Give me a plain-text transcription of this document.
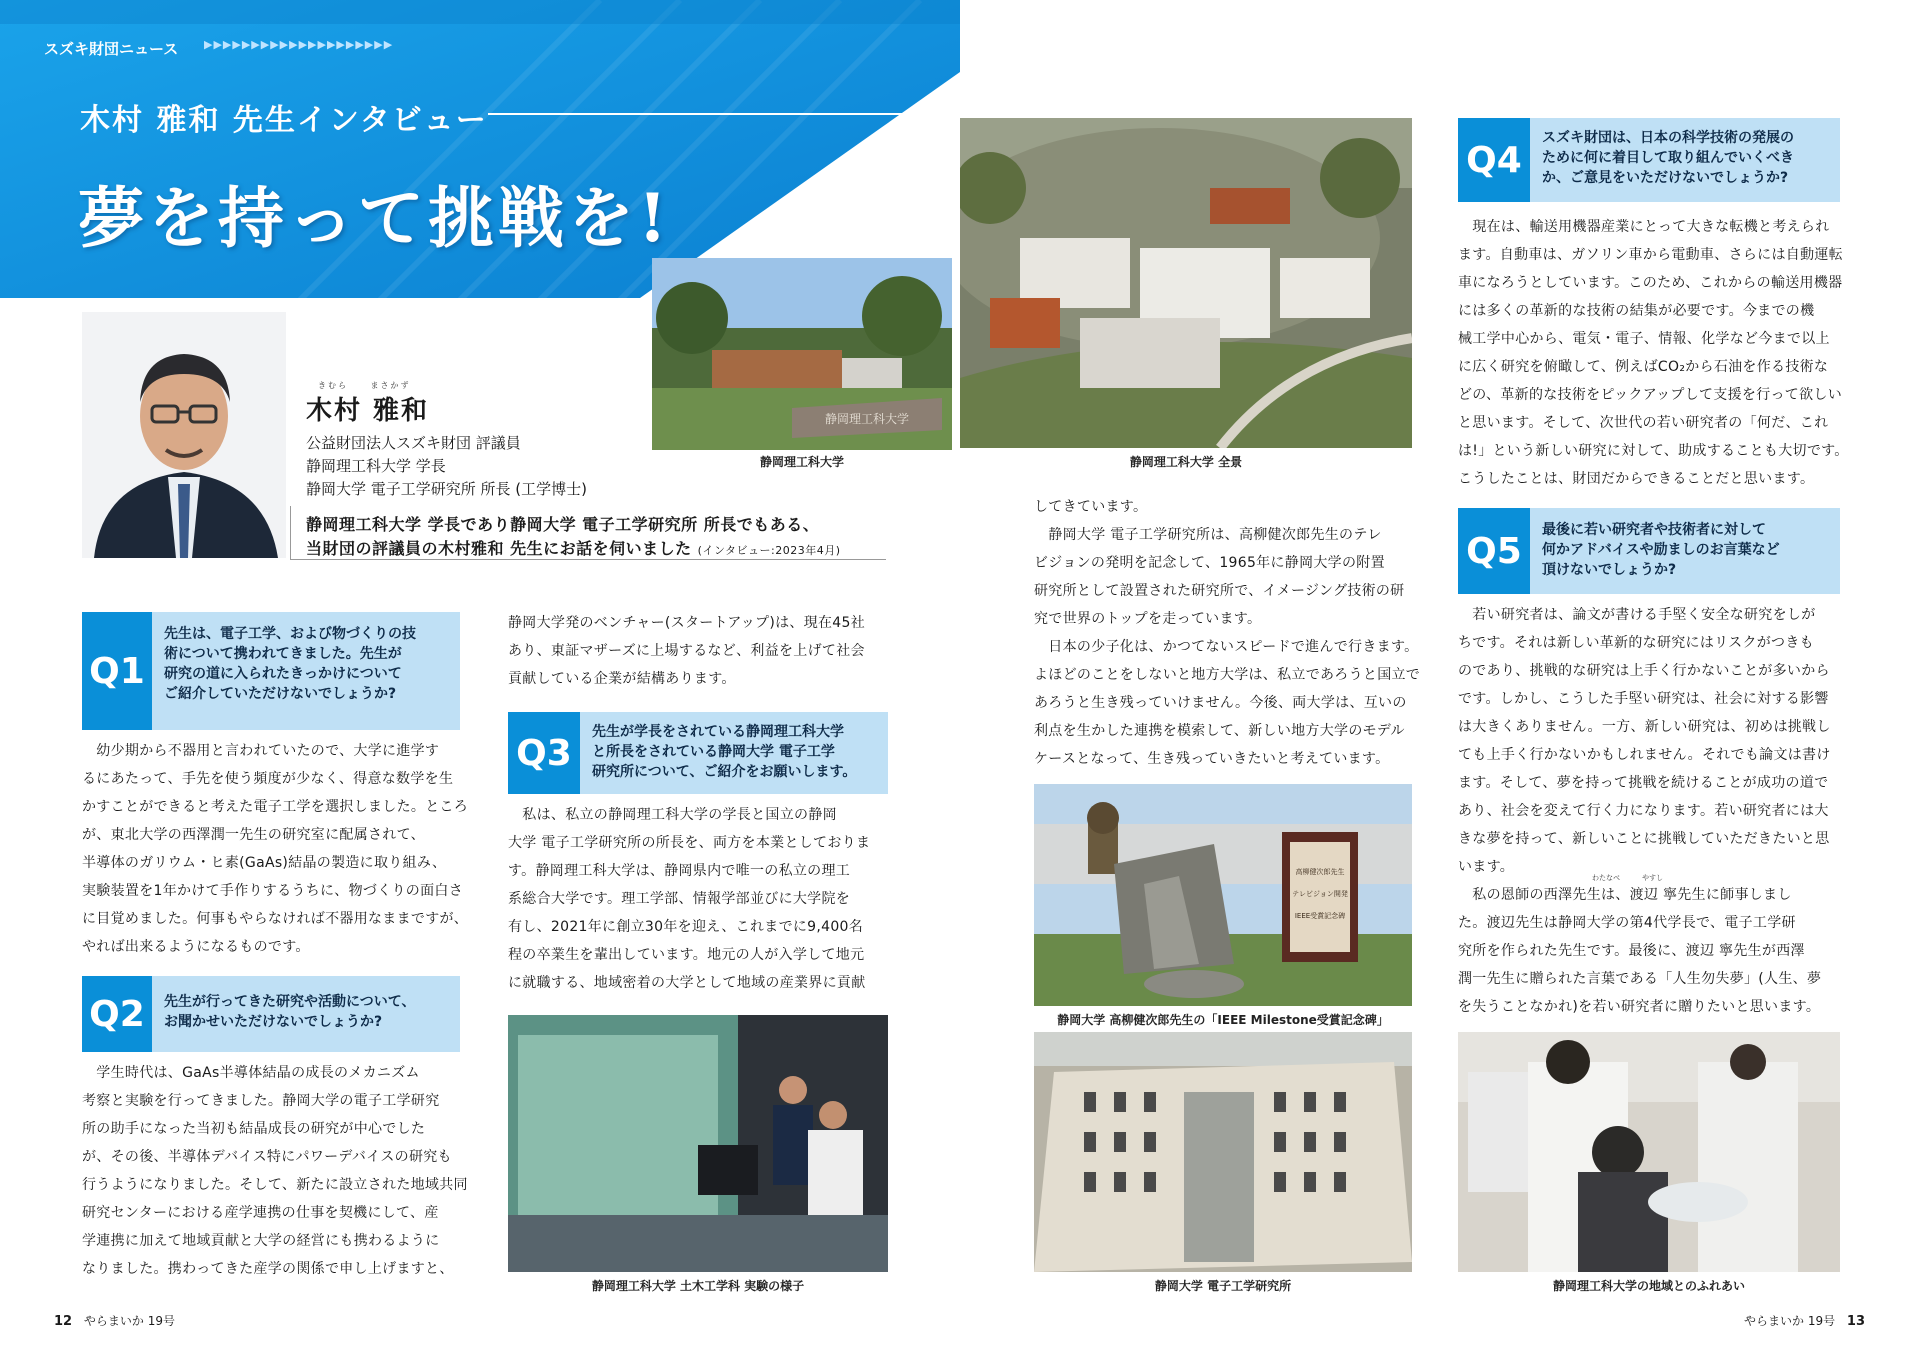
スズキ財団ニュース ▶▶▶▶▶▶▶▶▶▶▶▶▶▶▶▶▶▶▶▶
木村 雅和 先生インタビュー
夢を持って挑戦を!
静岡理工科大学
静岡理工科大学	静岡理工科大学 全景
静岡理工科大学 土木工学科 実験の様子
高柳健次郎先生
テレビジョン開発
IEEE受賞記念碑
静岡大学 高柳健次郎先生の「IEEE Milestone受賞記念碑」
静岡大学 電子工学研究所	静岡理工科大学の地域とのふれあい
きむら	まさかず
木村 雅和
公益財団法人スズキ財団 評議員
静岡理工科大学 学長
静岡大学 電子工学研究所 所長 (工学博士)
静岡理工科大学 学長であり静岡大学 電子工学研究所 所長でもある、
当財団の評議員の木村雅和 先生にお話を伺いました (インタビュー:2023年4月)
Q1
先生は、電子工学、および物づくりの技
術について携われてきました。先生が
研究の道に入られたきっかけについて
ご紹介していただけないでしょうか?
　幼少期から不器用と言われていたので、大学に進学す
るにあたって、手先を使う頻度が少なく、得意な数学を生
かすことができると考えた電子工学を選択しました。ところ
が、東北大学の西澤潤一先生の研究室に配属されて、
半導体のガリウム・ヒ素(GaAs)結晶の製造に取り組み、
実験装置を1年かけて手作りするうちに、物づくりの面白さ
に目覚めました。何事もやらなければ不器用なままですが、
やれば出来るようになるものです。
Q2	先生が行ってきた研究や活動について、
お聞かせいただけないでしょうか?
　学生時代は、GaAs半導体結晶の成長のメカニズム
考察と実験を行ってきました。静岡大学の電子工学研究
所の助手になった当初も結晶成長の研究が中心でした
が、その後、半導体デバイス特にパワーデバイスの研究も
行うようになりました。そして、新たに設立された地域共同
研究センターにおける産学連携の仕事を契機にして、産
学連携に加えて地域貢献と大学の経営にも携わるように
なりました。携わってきた産学の関係で申し上げますと、
静岡大学発のベンチャー(スタートアップ)は、現在45社
あり、東証マザーズに上場するなど、利益を上げて社会
貢献している企業が結構あります。
Q3
先生が学長をされている静岡理工科大学
と所長をされている静岡大学 電子工学
研究所について、ご紹介をお願いします。
　私は、私立の静岡理工科大学の学長と国立の静岡
大学 電子工学研究所の所長を、両方を本業としておりま
す。静岡理工科大学は、静岡県内で唯一の私立の理工
系総合大学です。理工学部、情報学部並びに大学院を
有し、2021年に創立30年を迎え、これまでに9,400名
程の卒業生を輩出しています。地元の人が入学して地元
に就職する、地域密着の大学として地域の産業界に貢献
してきています。
　静岡大学 電子工学研究所は、高柳健次郎先生のテレ
ビジョンの発明を記念して、1965年に静岡大学の附置
研究所として設置された研究所で、イメージング技術の研
究で世界のトップを走っています。
　日本の少子化は、かつてないスピードで進んで行きます。
よほどのことをしないと地方大学は、私立であろうと国立で
あろうと生き残っていけません。今後、両大学は、互いの
利点を生かした連携を模索して、新しい地方大学のモデル
ケースとなって、生き残っていきたいと考えています。
Q4
スズキ財団は、日本の科学技術の発展の
ために何に着目して取り組んでいくべき
か、ご意見をいただけないでしょうか?
　現在は、輸送用機器産業にとって大きな転機と考えられ
ます。自動車は、ガソリン車から電動車、さらには自動運転
車になろうとしています。このため、これからの輸送用機器
には多くの革新的な技術の結集が必要です。今までの機
械工学中心から、電気・電子、情報、化学など今まで以上
に広く研究を俯瞰して、例えばCO₂から石油を作る技術な
どの、革新的な技術をピックアップして支援を行って欲しい
と思います。そして、次世代の若い研究者の「何だ、これ
は!」という新しい研究に対して、助成することも大切です。
こうしたことは、財団だからできることだと思います。
Q5
最後に若い研究者や技術者に対して
何かアドバイスや励ましのお言葉など
頂けないでしょうか?
　若い研究者は、論文が書ける手堅く安全な研究をしが
ちです。それは新しい革新的な研究にはリスクがつきも
のであり、挑戦的な研究は上手く行かないことが多いから
です。しかし、こうした手堅い研究は、社会に対する影響
は大きくありません。一方、新しい研究は、初めは挑戦し
ても上手く行かないかもしれません。それでも論文は書け
ます。そして、夢を持って挑戦を続けることが成功の道で
あり、社会を変えて行く力になります。若い研究者には大
きな夢を持って、新しいことに挑戦していただきたいと思
います。
わたなべ	やすし
　私の恩師の西澤先生は、渡辺 寧先生に師事しまし
た。渡辺先生は静岡大学の第4代学長で、電子工学研
究所を作られた先生です。最後に、渡辺 寧先生が西澤
潤一先生に贈られた言葉である「人生勿失夢」(人生、夢
を失うことなかれ)を若い研究者に贈りたいと思います。
12 やらまいか 19号	やらまいか 19号 13
